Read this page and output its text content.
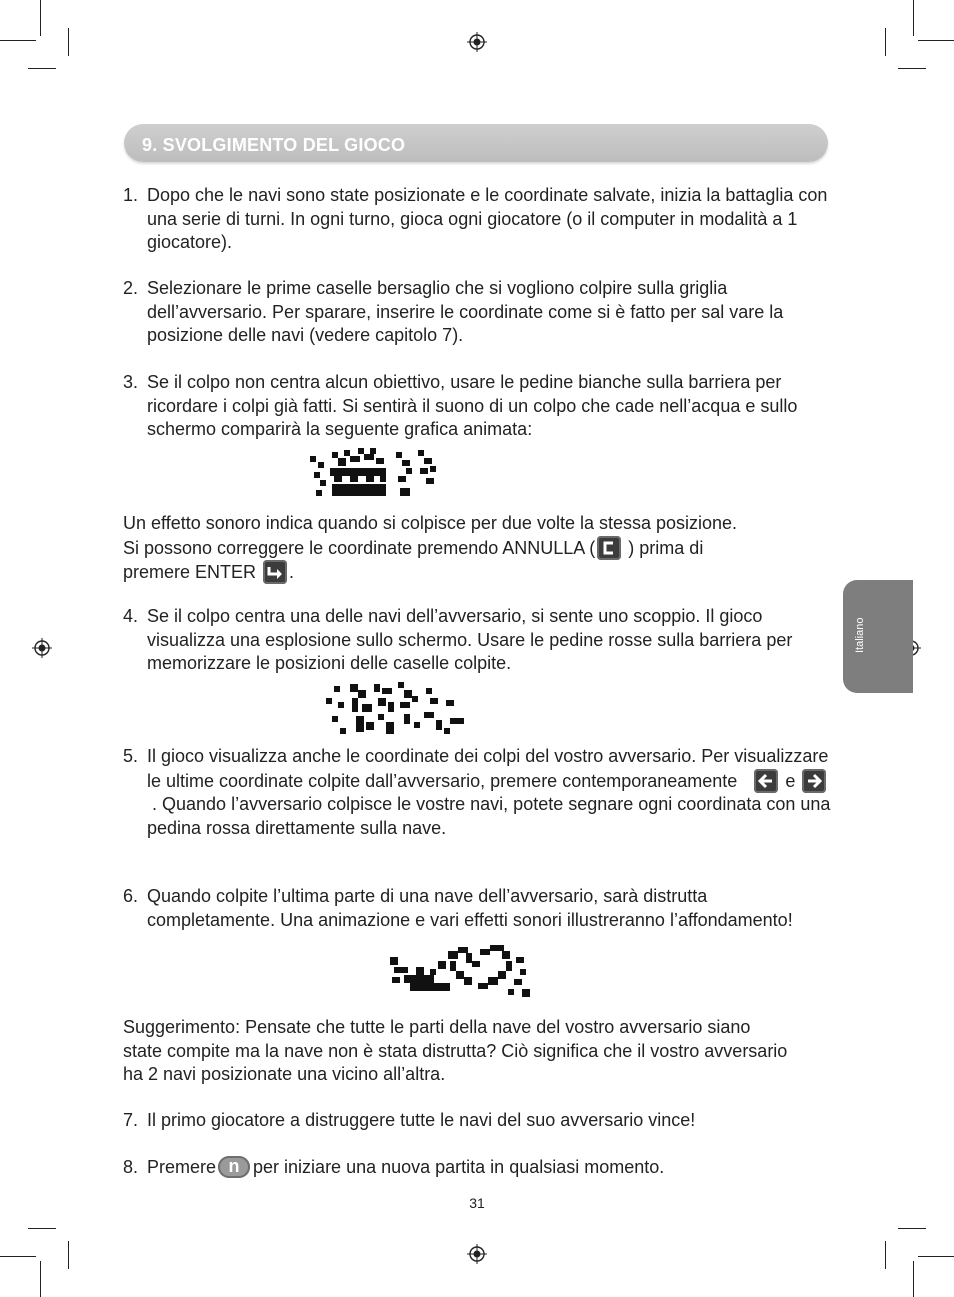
9. SVOLGIMENTO DEL GIOCO
Italiano
1. Dopo che le navi sono state posizionate e le coordinate salvate, inizia la battaglia con una serie di turni. In ogni turno, gioca ogni giocatore (o il computer in modalità a 1 giocatore).
2. Selezionare le prime caselle bersaglio che si vogliono colpire sulla griglia dell’avversario. Per sparare, inserire le coordinate come si è fatto per sal vare la posizione delle navi (vedere capitolo 7).
3. Se il colpo non centra alcun obiettivo, usare le pedine bianche sulla barriera per ricordare i colpi già fatti. Si sentirà il suono di un colpo che cade nell’acqua e sullo schermo comparirà la seguente grafica animata:
Un effetto sonoro indica quando si colpisce per due volte la stessa posizione.
Si possono correggere le coordinate premendo ANNULLA ( ) prima di
premere ENTER .
4. Se il colpo centra una delle navi dell’avversario, si sente uno scoppio. Il gioco visualizza una esplosione sullo schermo. Usare le pedine rosse sulla barriera per memorizzare le posizioni delle caselle colpite.
5. Il gioco visualizza anche le coordinate dei colpi del vostro avversario. Per visualizzare le ultime coordinate colpite dall’avversario, premere contemporaneamente	e
. Quando l’avversario colpisce le vostre navi, potete segnare ogni coordinata con una pedina rossa direttamente sulla nave.
6. Quando colpite l’ultima parte di una nave dell’avversario, sarà distrutta completamente. Una animazione e vari effetti sonori illustreranno l’affondamento!
Suggerimento: Pensate che tutte le parti della nave del vostro avversario siano state compite ma la nave non è stata distrutta? Ciò significa che il vostro avversario ha 2 navi posizionate una vicino all’altra.
7. Il primo giocatore a distruggere tutte le navi del suo avversario vince!
8. Premere n per iniziare una nuova partita in qualsiasi momento.
31
